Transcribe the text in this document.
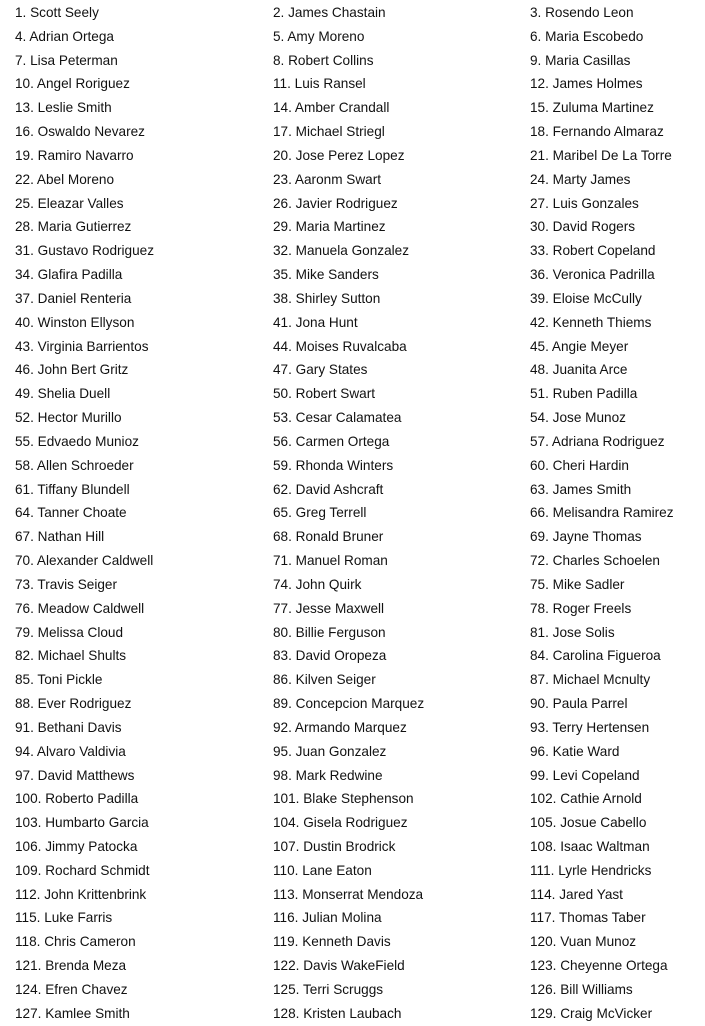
1. Scott Seely	2. James Chastain	3. Rosendo Leon
4. Adrian Ortega	5. Amy Moreno	6. Maria Escobedo
7. Lisa Peterman	8. Robert Collins	9. Maria Casillas
10. Angel Roriguez	11. Luis Ransel	12. James Holmes
13. Leslie Smith	14. Amber Crandall	15. Zuluma Martinez
16. Oswaldo Nevarez	17. Michael Striegl	18. Fernando Almaraz
19. Ramiro Navarro	20. Jose Perez Lopez	21. Maribel De La Torre
22. Abel Moreno	23. Aaronm Swart	24. Marty James
25. Eleazar Valles	26. Javier Rodriguez	27. Luis Gonzales
28. Maria Gutierrez	29. Maria Martinez	30. David Rogers
31. Gustavo Rodriguez	32. Manuela Gonzalez	33. Robert Copeland
34. Glafira Padilla	35. Mike Sanders	36. Veronica Padrilla
37. Daniel Renteria	38. Shirley Sutton	39. Eloise McCully
40. Winston Ellyson	41. Jona Hunt	42. Kenneth Thiems
43. Virginia Barrientos	44. Moises Ruvalcaba	45. Angie Meyer
46. John Bert Gritz	47. Gary States	48. Juanita Arce
49. Shelia Duell	50. Robert Swart	51. Ruben Padilla
52. Hector Murillo	53. Cesar Calamatea	54. Jose Munoz
55. Edvaedo Munioz	56. Carmen Ortega	57. Adriana Rodriguez
58. Allen Schroeder	59. Rhonda Winters	60. Cheri Hardin
61. Tiffany Blundell	62. David Ashcraft	63. James Smith
64. Tanner Choate	65. Greg Terrell	66. Melisandra Ramirez
67. Nathan Hill	68. Ronald Bruner	69. Jayne Thomas
70. Alexander Caldwell	71. Manuel Roman	72. Charles Schoelen
73. Travis Seiger	74. John Quirk	75. Mike Sadler
76. Meadow Caldwell	77. Jesse Maxwell	78. Roger Freels
79. Melissa Cloud	80. Billie Ferguson	81. Jose Solis
82. Michael Shults	83. David Oropeza	84. Carolina Figueroa
85. Toni Pickle	86. Kilven Seiger	87. Michael Mcnulty
88. Ever Rodriguez	89. Concepcion Marquez	90. Paula Parrel
91. Bethani Davis	92. Armando Marquez	93. Terry Hertensen
94. Alvaro Valdivia	95. Juan Gonzalez	96. Katie Ward
97. David Matthews	98. Mark Redwine	99. Levi Copeland
100. Roberto Padilla	101. Blake Stephenson	102. Cathie Arnold
103. Humbarto Garcia	104. Gisela Rodriguez	105. Josue Cabello
106. Jimmy Patocka	107. Dustin Brodrick	108. Isaac Waltman
109. Rochard Schmidt	110. Lane Eaton	111. Lyrle Hendricks
112. John Krittenbrink	113. Monserrat Mendoza	114. Jared Yast
115. Luke Farris	116. Julian Molina	117. Thomas Taber
118. Chris Cameron	119. Kenneth Davis	120. Vuan Munoz
121. Brenda Meza	122. Davis WakeField	123. Cheyenne Ortega
124. Efren Chavez	125. Terri Scruggs	126. Bill Williams
127. Kamlee Smith	128. Kristen Laubach	129. Craig McVicker
